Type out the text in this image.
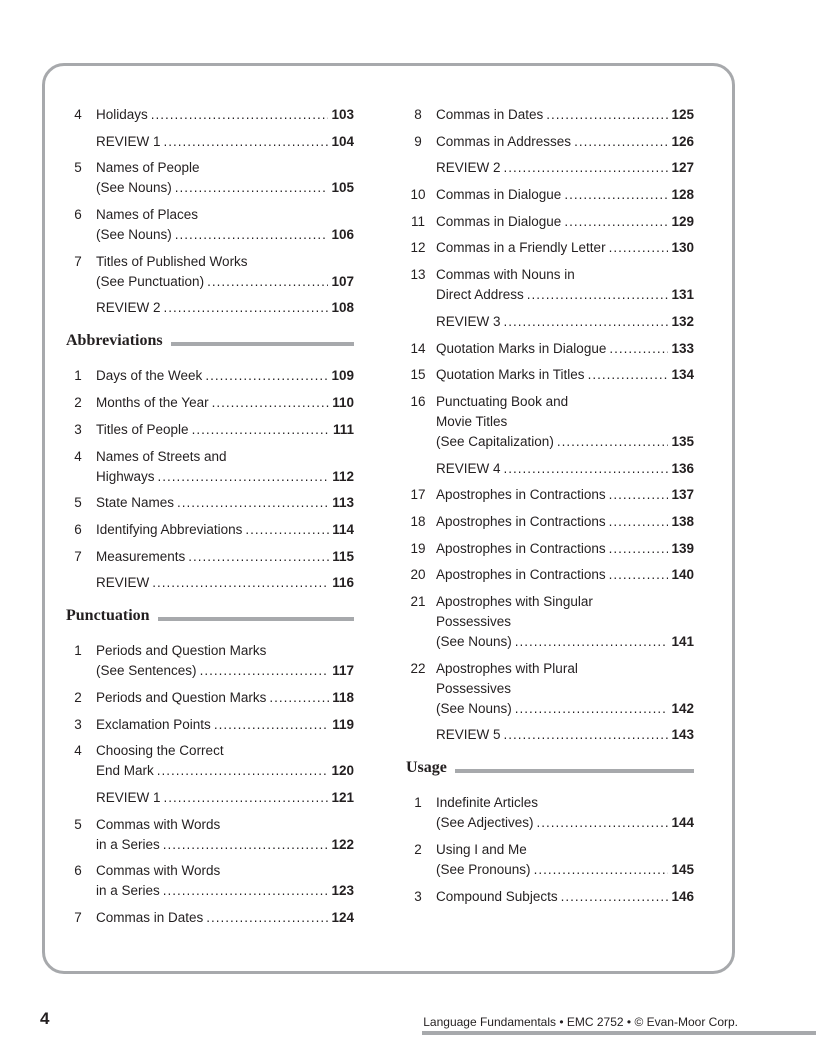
4	Holidays .....	103
REVIEW 1 .....	104
5	Names of People
(See Nouns) .....	105
6	Names of Places
(See Nouns) .....	106
7	Titles of Published Works
(See Punctuation) .....	107
REVIEW 2 .....	108
Abbreviations
1	Days of the Week .....	109
2	Months of the Year .....	110
3	Titles of People .....	111
4	Names of Streets and
Highways .....	112
5	State Names .....	113
6	Identifying Abbreviations .....	114
7	Measurements .....	115
REVIEW .....	116
Punctuation
1	Periods and Question Marks
(See Sentences) .....	117
2	Periods and Question Marks .....	118
3	Exclamation Points .....	119
4	Choosing the Correct
End Mark .....	120
REVIEW 1 .....	121
5	Commas with Words
in a Series .....	122
6	Commas with Words
in a Series .....	123
7	Commas in Dates .....	124
8	Commas in Dates .....	125
9	Commas in Addresses .....	126
REVIEW 2 .....	127
10 Commas in Dialogue .....	128
11 Commas in Dialogue .....	129
12 Commas in a Friendly Letter .....	130
13 Commas with Nouns in
Direct Address .....	131
REVIEW 3 .....	132
14 Quotation Marks in Dialogue .....	133
15 Quotation Marks in Titles .....	134
16 Punctuating Book and
Movie Titles
(See Capitalization) .....	135
REVIEW 4 .....	136
17 Apostrophes in Contractions .....	137
18 Apostrophes in Contractions .....	138
19 Apostrophes in Contractions .....	139
20 Apostrophes in Contractions .....	140
21 Apostrophes with Singular
Possessives
(See Nouns) .....	141
22 Apostrophes with Plural
Possessives
(See Nouns) .....	142
REVIEW 5 .....	143
Usage
1	Indefinite Articles
(See Adjectives) .....	144
2	Using I and Me
(See Pronouns) .....	145
3	Compound Subjects .....	146
4	Language Fundamentals • EMC 2752 • © Evan-Moor Corp.
